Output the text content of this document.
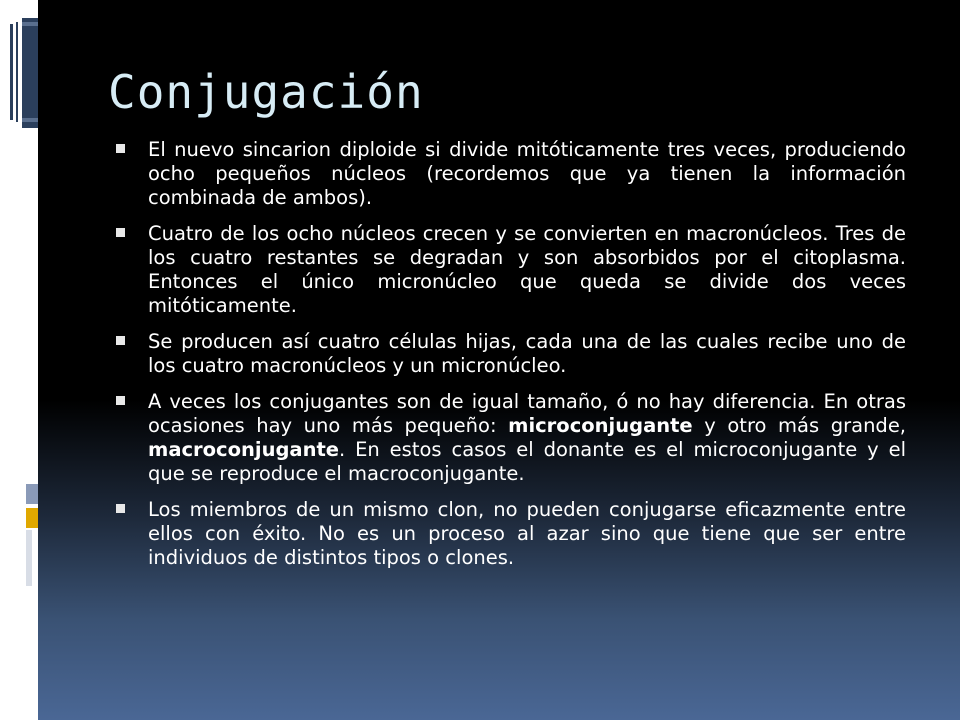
Conjugación
El nuevo sincarion diploide si divide mitóticamente tres veces, produciendo ocho pequeños núcleos (recordemos que ya tienen la información combinada de ambos).
Cuatro de los ocho núcleos crecen y se convierten en macronúcleos. Tres de los cuatro restantes se degradan y son absorbidos por el citoplasma. Entonces el único micronúcleo que queda se divide dos veces mitóticamente.
Se producen así cuatro células hijas, cada una de las cuales recibe uno de los cuatro macronúcleos y un micronúcleo.
A veces los conjugantes son de igual tamaño, ó no hay diferencia. En otras ocasiones hay uno más pequeño: microconjugante y otro más grande, macroconjugante. En estos casos el donante es el microconjugante y el que se reproduce el macroconjugante.
Los miembros de un mismo clon, no pueden conjugarse eficazmente entre ellos con éxito. No es un proceso al azar sino que tiene que ser entre individuos de distintos tipos o clones.
